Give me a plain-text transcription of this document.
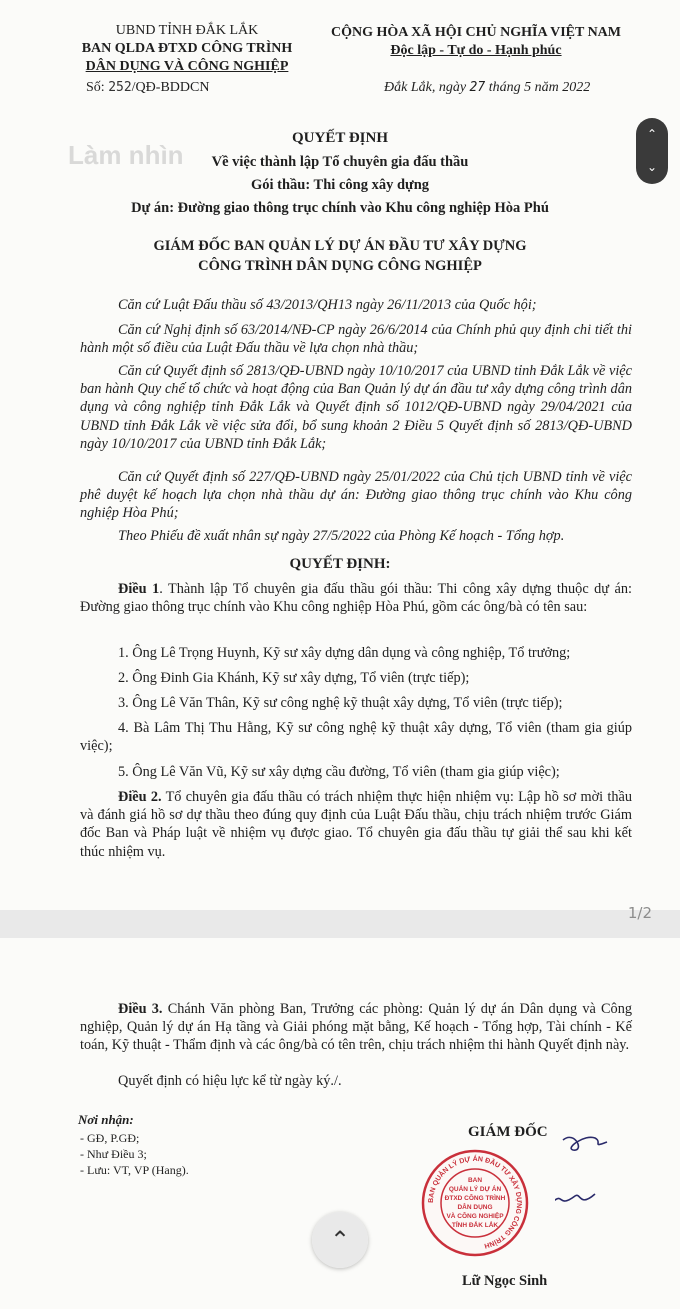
Làm nhìn
UBND TỈNH ĐẮK LẮK
BAN QLDA ĐTXD CÔNG TRÌNH
DÂN DỤNG VÀ CÔNG NGHIỆP
Số: 252/QĐ-BDDCN
CỘNG HÒA XÃ HỘI CHỦ NGHĨA VIỆT NAM
Độc lập - Tự do - Hạnh phúc
Đắk Lắk, ngày 27 tháng 5 năm 2022
QUYẾT ĐỊNH
Về việc thành lập Tổ chuyên gia đấu thầu
Gói thầu: Thi công xây dựng
Dự án: Đường giao thông trục chính vào Khu công nghiệp Hòa Phú
GIÁM ĐỐC BAN QUẢN LÝ DỰ ÁN ĐẦU TƯ XÂY DỰNG
CÔNG TRÌNH DÂN DỤNG CÔNG NGHIỆP
Căn cứ Luật Đấu thầu số 43/2013/QH13 ngày 26/11/2013 của Quốc hội;
Căn cứ Nghị định số 63/2014/NĐ-CP ngày 26/6/2014 của Chính phủ quy định chi tiết thi hành một số điều của Luật Đấu thầu về lựa chọn nhà thầu;
Căn cứ Quyết định số 2813/QĐ-UBND ngày 10/10/2017 của UBND tỉnh Đắk Lắk về việc ban hành Quy chế tổ chức và hoạt động của Ban Quản lý dự án đầu tư xây dựng công trình dân dụng và công nghiệp tỉnh Đắk Lắk và Quyết định số 1012/QĐ-UBND ngày 29/04/2021 của UBND tỉnh Đắk Lắk về việc sửa đổi, bổ sung khoản 2 Điều 5 Quyết định số 2813/QĐ-UBND ngày 10/10/2017 của UBND tỉnh Đắk Lắk;
Căn cứ Quyết định số 227/QĐ-UBND ngày 25/01/2022 của Chủ tịch UBND tỉnh về việc phê duyệt kế hoạch lựa chọn nhà thầu dự án: Đường giao thông trục chính vào Khu công nghiệp Hòa Phú;
Theo Phiếu đề xuất nhân sự ngày 27/5/2022 của Phòng Kế hoạch - Tổng hợp.
QUYẾT ĐỊNH:
Điều 1. Thành lập Tổ chuyên gia đấu thầu gói thầu: Thi công xây dựng thuộc dự án: Đường giao thông trục chính vào Khu công nghiệp Hòa Phú, gồm các ông/bà có tên sau:
1. Ông Lê Trọng Huynh, Kỹ sư xây dựng dân dụng và công nghiệp, Tổ trưởng;
2. Ông Đinh Gia Khánh, Kỹ sư xây dựng, Tổ viên (trực tiếp);
3. Ông Lê Văn Thân, Kỹ sư công nghệ kỹ thuật xây dựng, Tổ viên (trực tiếp);
4. Bà Lâm Thị Thu Hằng, Kỹ sư công nghệ kỹ thuật xây dựng, Tổ viên (tham gia giúp việc);
5. Ông Lê Văn Vũ, Kỹ sư xây dựng cầu đường, Tổ viên (tham gia giúp việc);
Điều 2. Tổ chuyên gia đấu thầu có trách nhiệm thực hiện nhiệm vụ: Lập hồ sơ mời thầu và đánh giá hồ sơ dự thầu theo đúng quy định của Luật Đấu thầu, chịu trách nhiệm trước Giám đốc Ban và Pháp luật về nhiệm vụ được giao. Tổ chuyên gia đấu thầu tự giải thể sau khi kết thúc nhiệm vụ.
⌃
⌄
1/2
Điều 3. Chánh Văn phòng Ban, Trưởng các phòng: Quản lý dự án Dân dụng và Công nghiệp, Quản lý dự án Hạ tầng và Giải phóng mặt bằng, Kế hoạch - Tổng hợp, Tài chính - Kế toán, Kỹ thuật - Thẩm định và các ông/bà có tên trên, chịu trách nhiệm thi hành Quyết định này.
Quyết định có hiệu lực kể từ ngày ký./.
Nơi nhận:
- GĐ, P.GĐ;
- Như Điều 3;
- Lưu: VT, VP (Hang).
GIÁM ĐỐC
Lữ Ngọc Sinh
BAN QUẢN LÝ DỰ ÁN ĐẦU TƯ XÂY DỰNG CÔNG TRÌNH
BAN
QUẢN LÝ DỰ ÁN
ĐTXD CÔNG TRÌNH
DÂN DỤNG
VÀ CÔNG NGHIỆP
TỈNH ĐẮK LẮK
⌃
